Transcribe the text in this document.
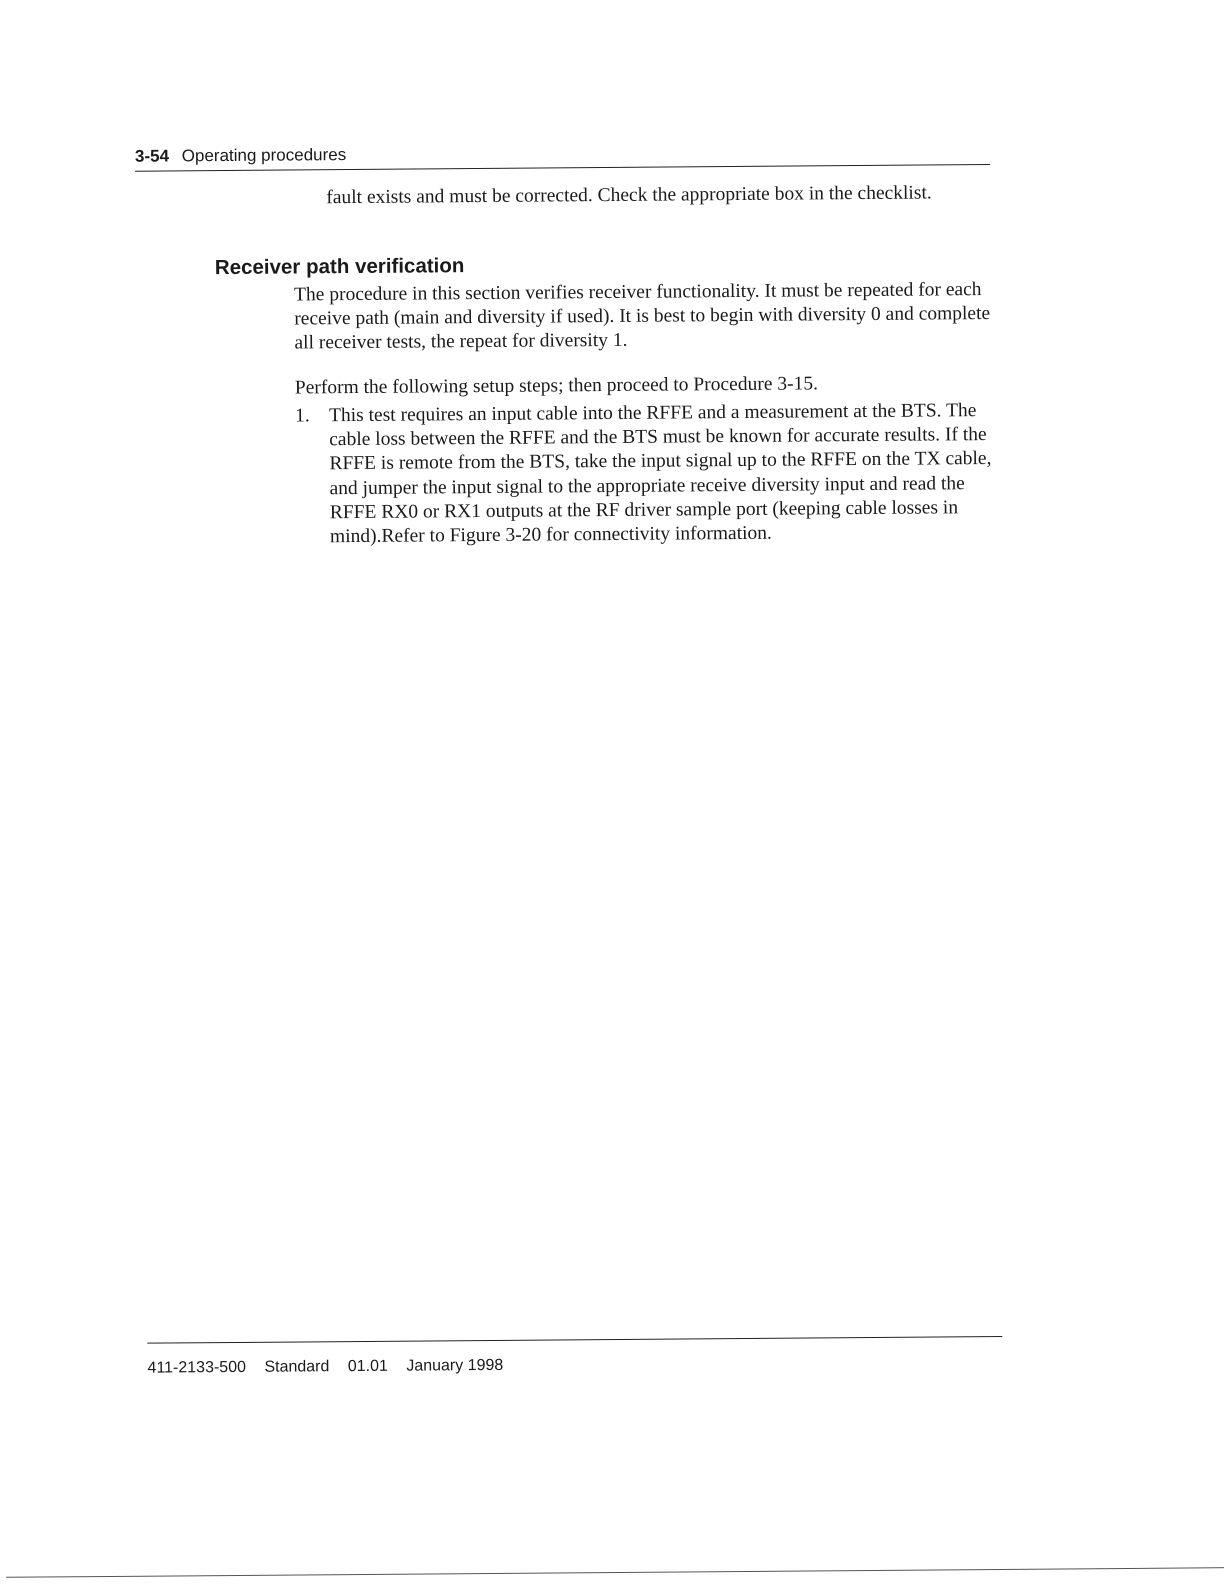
3-54 Operating procedures
fault exists and must be corrected. Check the appropriate box in the checklist.
Receiver path verification
The procedure in this section verifies receiver functionality. It must be repeated for each receive path (main and diversity if used). It is best to begin with diversity 0 and complete all receiver tests, the repeat for diversity 1.
Perform the following setup steps; then proceed to Procedure 3-15.
1. This test requires an input cable into the RFFE and a measurement at the BTS. The cable loss between the RFFE and the BTS must be known for accurate results. If the RFFE is remote from the BTS, take the input signal up to the RFFE on the TX cable, and jumper the input signal to the appropriate receive diversity input and read the RFFE RX0 or RX1 outputs at the RF driver sample port (keeping cable losses in mind).Refer to Figure 3-20 for connectivity information.
411-2133-500 Standard 01.01 January 1998
